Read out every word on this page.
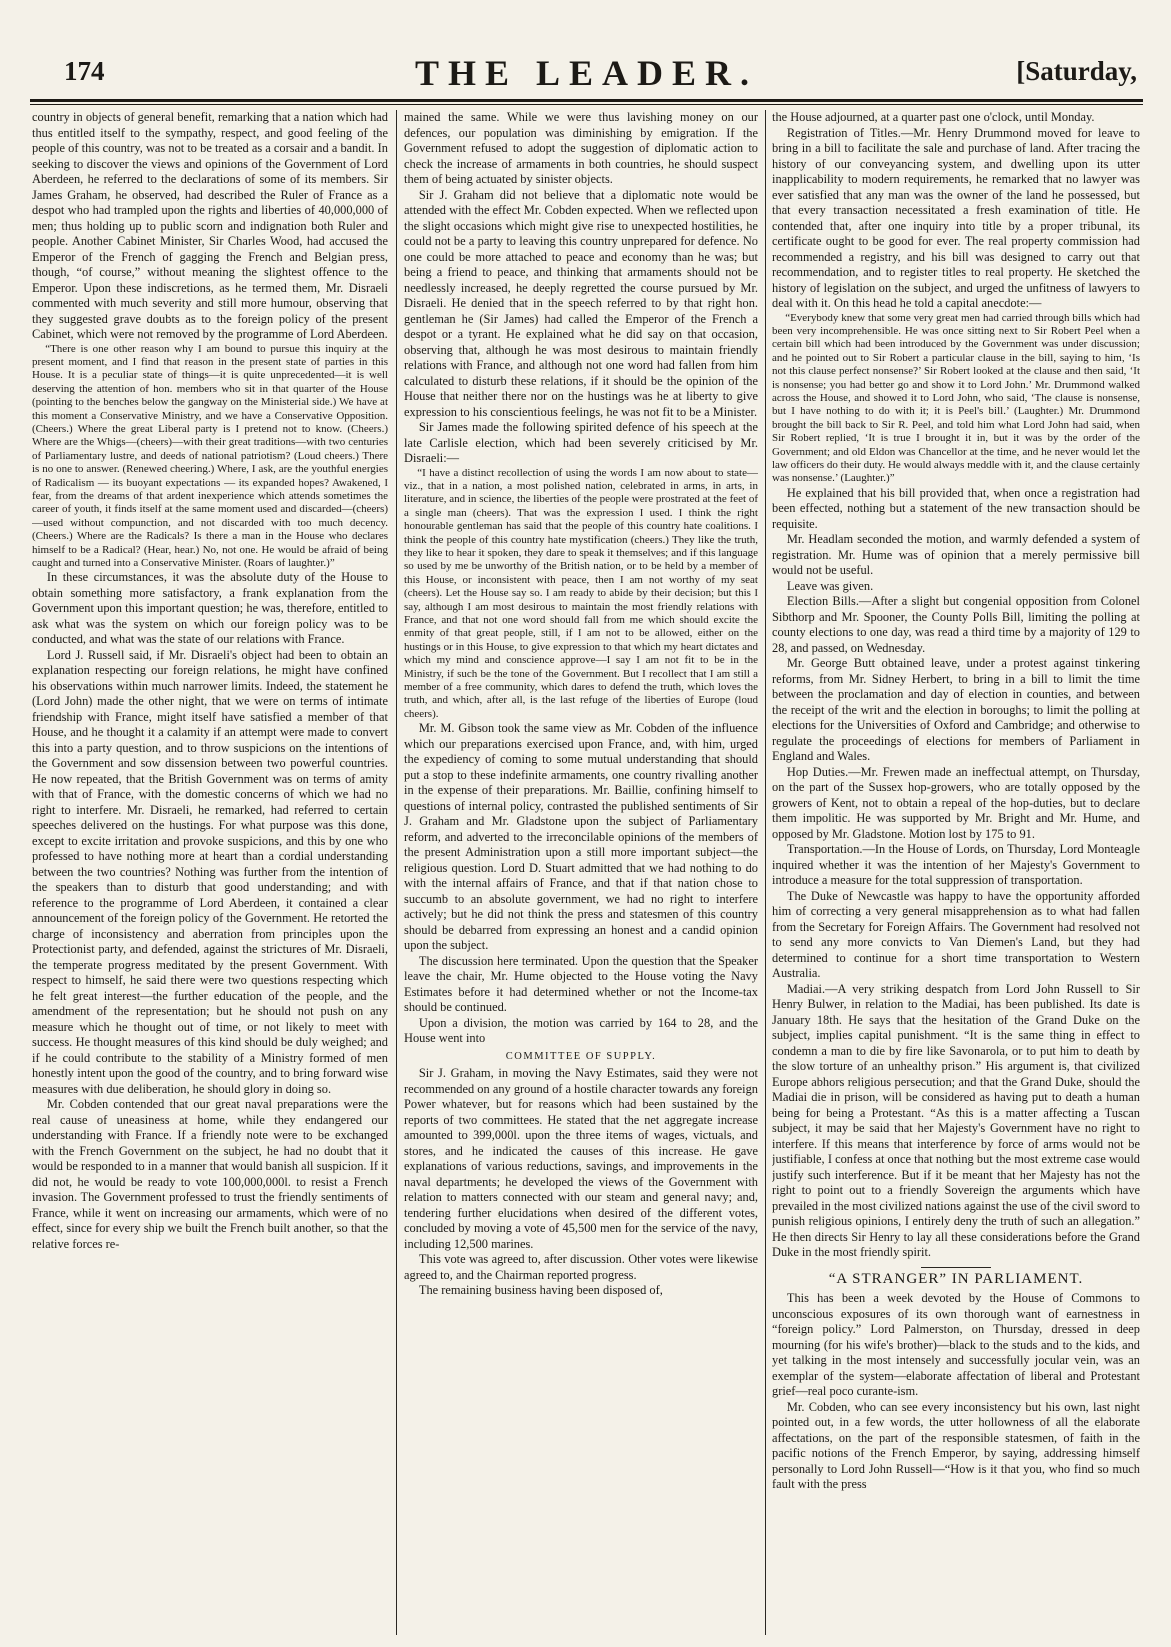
174	THE LEADER.	[Saturday,

country in objects of general benefit, remarking that a nation which had thus entitled itself to the sympathy, respect, and good feeling of the people of this country, was not to be treated as a corsair and a bandit. In seeking to discover the views and opinions of the Government of Lord Aberdeen, he referred to the declarations of some of its members. Sir James Graham, he observed, had described the Ruler of France as a despot who had trampled upon the rights and liberties of 40,000,000 of men; thus holding up to public scorn and indignation both Ruler and people. Another Cabinet Minister, Sir Charles Wood, had accused the Emperor of the French of gagging the French and Belgian press, though, “of course,” without meaning the slightest offence to the Emperor. Upon these indiscretions, as he termed them, Mr. Disraeli commented with much severity and still more humour, observing that they suggested grave doubts as to the foreign policy of the present Cabinet, which were not removed by the programme of Lord Aberdeen.

“There is one other reason why I am bound to pursue this inquiry at the present moment, and I find that reason in the present state of parties in this House. It is a peculiar state of things—it is quite unprecedented—it is well deserving the attention of hon. members who sit in that quarter of the House (pointing to the benches below the gangway on the Ministerial side.) We have at this moment a Conservative Ministry, and we have a Conservative Opposition. (Cheers.) Where the great Liberal party is I pretend not to know. (Cheers.) Where are the Whigs—(cheers)—with their great traditions—with two centuries of Parliamentary lustre, and deeds of national patriotism? (Loud cheers.) There is no one to answer. (Renewed cheering.) Where, I ask, are the youthful energies of Radicalism — its buoyant expectations — its expanded hopes? Awakened, I fear, from the dreams of that ardent inexperience which attends sometimes the career of youth, it finds itself at the same moment used and discarded—(cheers)—used without compunction, and not discarded with too much decency. (Cheers.) Where are the Radicals? Is there a man in the House who declares himself to be a Radical? (Hear, hear.) No, not one. He would be afraid of being caught and turned into a Conservative Minister. (Roars of laughter.)”

In these circumstances, it was the absolute duty of the House to obtain something more satisfactory, a frank explanation from the Government upon this important question; he was, therefore, entitled to ask what was the system on which our foreign policy was to be conducted, and what was the state of our relations with France.

Lord J. Russell said, if Mr. Disraeli's object had been to obtain an explanation respecting our foreign relations, he might have confined his observations within much narrower limits. Indeed, the statement he (Lord John) made the other night, that we were on terms of intimate friendship with France, might itself have satisfied a member of that House, and he thought it a calamity if an attempt were made to convert this into a party question, and to throw suspicions on the intentions of the Government and sow dissension between two powerful countries. He now repeated, that the British Government was on terms of amity with that of France, with the domestic concerns of which we had no right to interfere. Mr. Disraeli, he remarked, had referred to certain speeches delivered on the hustings. For what purpose was this done, except to excite irritation and provoke suspicions, and this by one who professed to have nothing more at heart than a cordial understanding between the two countries? Nothing was further from the intention of the speakers than to disturb that good understanding; and with reference to the programme of Lord Aberdeen, it contained a clear announcement of the foreign policy of the Government. He retorted the charge of inconsistency and aberration from principles upon the Protectionist party, and defended, against the strictures of Mr. Disraeli, the temperate progress meditated by the present Government. With respect to himself, he said there were two questions respecting which he felt great interest—the further education of the people, and the amendment of the representation; but he should not push on any measure which he thought out of time, or not likely to meet with success. He thought measures of this kind should be duly weighed; and if he could contribute to the stability of a Ministry formed of men honestly intent upon the good of the country, and to bring forward wise measures with due deliberation, he should glory in doing so.

Mr. Cobden contended that our great naval preparations were the real cause of uneasiness at home, while they endangered our understanding with France. If a friendly note were to be exchanged with the French Government on the subject, he had no doubt that it would be responded to in a manner that would banish all suspicion. If it did not, he would be ready to vote 100,000,000l. to resist a French invasion. The Government professed to trust the friendly sentiments of France, while it went on increasing our armaments, which were of no effect, since for every ship we built the French built another, so that the relative forces re-

mained the same. While we were thus lavishing money on our defences, our population was diminishing by emigration. If the Government refused to adopt the suggestion of diplomatic action to check the increase of armaments in both countries, he should suspect them of being actuated by sinister objects.

Sir J. Graham did not believe that a diplomatic note would be attended with the effect Mr. Cobden expected. When we reflected upon the slight occasions which might give rise to unexpected hostilities, he could not be a party to leaving this country unprepared for defence. No one could be more attached to peace and economy than he was; but being a friend to peace, and thinking that armaments should not be needlessly increased, he deeply regretted the course pursued by Mr. Disraeli. He denied that in the speech referred to by that right hon. gentleman he (Sir James) had called the Emperor of the French a despot or a tyrant. He explained what he did say on that occasion, observing that, although he was most desirous to maintain friendly relations with France, and although not one word had fallen from him calculated to disturb these relations, if it should be the opinion of the House that neither there nor on the hustings was he at liberty to give expression to his conscientious feelings, he was not fit to be a Minister.

Sir James made the following spirited defence of his speech at the late Carlisle election, which had been severely criticised by Mr. Disraeli:—

“I have a distinct recollection of using the words I am now about to state—viz., that in a nation, a most polished nation, celebrated in arms, in arts, in literature, and in science, the liberties of the people were prostrated at the feet of a single man (cheers). That was the expression I used. I think the right honourable gentleman has said that the people of this country hate coalitions. I think the people of this country hate mystification (cheers.) They like the truth, they like to hear it spoken, they dare to speak it themselves; and if this language so used by me be unworthy of the British nation, or to be held by a member of this House, or inconsistent with peace, then I am not worthy of my seat (cheers). Let the House say so. I am ready to abide by their decision; but this I say, although I am most desirous to maintain the most friendly relations with France, and that not one word should fall from me which should excite the enmity of that great people, still, if I am not to be allowed, either on the hustings or in this House, to give expression to that which my heart dictates and which my mind and conscience approve—I say I am not fit to be in the Ministry, if such be the tone of the Government. But I recollect that I am still a member of a free community, which dares to defend the truth, which loves the truth, and which, after all, is the last refuge of the liberties of Europe (loud cheers).

Mr. M. Gibson took the same view as Mr. Cobden of the influence which our preparations exercised upon France, and, with him, urged the expediency of coming to some mutual understanding that should put a stop to these indefinite armaments, one country rivalling another in the expense of their preparations. Mr. Baillie, confining himself to questions of internal policy, contrasted the published sentiments of Sir J. Graham and Mr. Gladstone upon the subject of Parliamentary reform, and adverted to the irreconcilable opinions of the members of the present Administration upon a still more important subject—the religious question. Lord D. Stuart admitted that we had nothing to do with the internal affairs of France, and that if that nation chose to succumb to an absolute government, we had no right to interfere actively; but he did not think the press and statesmen of this country should be debarred from expressing an honest and a candid opinion upon the subject.

The discussion here terminated. Upon the question that the Speaker leave the chair, Mr. Hume objected to the House voting the Navy Estimates before it had determined whether or not the Income-tax should be continued.

Upon a division, the motion was carried by 164 to 28, and the House went into

COMMITTEE OF SUPPLY.

Sir J. Graham, in moving the Navy Estimates, said they were not recommended on any ground of a hostile character towards any foreign Power whatever, but for reasons which had been sustained by the reports of two committees. He stated that the net aggregate increase amounted to 399,000l. upon the three items of wages, victuals, and stores, and he indicated the causes of this increase. He gave explanations of various reductions, savings, and improvements in the naval departments; he developed the views of the Government with relation to matters connected with our steam and general navy; and, tendering further elucidations when desired of the different votes, concluded by moving a vote of 45,500 men for the service of the navy, including 12,500 marines.

This vote was agreed to, after discussion. Other votes were likewise agreed to, and the Chairman reported progress.

The remaining business having been disposed of,

the House adjourned, at a quarter past one o'clock, until Monday.

Registration of Titles.—Mr. Henry Drummond moved for leave to bring in a bill to facilitate the sale and purchase of land. After tracing the history of our conveyancing system, and dwelling upon its utter inapplicability to modern requirements, he remarked that no lawyer was ever satisfied that any man was the owner of the land he possessed, but that every transaction necessitated a fresh examination of title. He contended that, after one inquiry into title by a proper tribunal, its certificate ought to be good for ever. The real property commission had recommended a registry, and his bill was designed to carry out that recommendation, and to register titles to real property. He sketched the history of legislation on the subject, and urged the unfitness of lawyers to deal with it. On this head he told a capital anecdote:—

“Everybody knew that some very great men had carried through bills which had been very incomprehensible. He was once sitting next to Sir Robert Peel when a certain bill which had been introduced by the Government was under discussion; and he pointed out to Sir Robert a particular clause in the bill, saying to him, ‘Is not this clause perfect nonsense?’ Sir Robert looked at the clause and then said, ‘It is nonsense; you had better go and show it to Lord John.’ Mr. Drummond walked across the House, and showed it to Lord John, who said, ‘The clause is nonsense, but I have nothing to do with it; it is Peel's bill.’ (Laughter.) Mr. Drummond brought the bill back to Sir R. Peel, and told him what Lord John had said, when Sir Robert replied, ‘It is true I brought it in, but it was by the order of the Government; and old Eldon was Chancellor at the time, and he never would let the law officers do their duty. He would always meddle with it, and the clause certainly was nonsense.’ (Laughter.)”

He explained that his bill provided that, when once a registration had been effected, nothing but a statement of the new transaction should be requisite.

Mr. Headlam seconded the motion, and warmly defended a system of registration. Mr. Hume was of opinion that a merely permissive bill would not be useful.

Leave was given.

Election Bills.—After a slight but congenial opposition from Colonel Sibthorp and Mr. Spooner, the County Polls Bill, limiting the polling at county elections to one day, was read a third time by a majority of 129 to 28, and passed, on Wednesday.

Mr. George Butt obtained leave, under a protest against tinkering reforms, from Mr. Sidney Herbert, to bring in a bill to limit the time between the proclamation and day of election in counties, and between the receipt of the writ and the election in boroughs; to limit the polling at elections for the Universities of Oxford and Cambridge; and otherwise to regulate the proceedings of elections for members of Parliament in England and Wales.

Hop Duties.—Mr. Frewen made an ineffectual attempt, on Thursday, on the part of the Sussex hop-growers, who are totally opposed by the growers of Kent, not to obtain a repeal of the hop-duties, but to declare them impolitic. He was supported by Mr. Bright and Mr. Hume, and opposed by Mr. Gladstone. Motion lost by 175 to 91.

Transportation.—In the House of Lords, on Thursday, Lord Monteagle inquired whether it was the intention of her Majesty's Government to introduce a measure for the total suppression of transportation.

The Duke of Newcastle was happy to have the opportunity afforded him of correcting a very general misapprehension as to what had fallen from the Secretary for Foreign Affairs. The Government had resolved not to send any more convicts to Van Diemen's Land, but they had determined to continue for a short time transportation to Western Australia.

Madiai.—A very striking despatch from Lord John Russell to Sir Henry Bulwer, in relation to the Madiai, has been published. Its date is January 18th. He says that the hesitation of the Grand Duke on the subject, implies capital punishment. “It is the same thing in effect to condemn a man to die by fire like Savonarola, or to put him to death by the slow torture of an unhealthy prison.” His argument is, that civilized Europe abhors religious persecution; and that the Grand Duke, should the Madiai die in prison, will be considered as having put to death a human being for being a Protestant. “As this is a matter affecting a Tuscan subject, it may be said that her Majesty's Government have no right to interfere. If this means that interference by force of arms would not be justifiable, I confess at once that nothing but the most extreme case would justify such interference. But if it be meant that her Majesty has not the right to point out to a friendly Sovereign the arguments which have prevailed in the most civilized nations against the use of the civil sword to punish religious opinions, I entirely deny the truth of such an allegation.” He then directs Sir Henry to lay all these considerations before the Grand Duke in the most friendly spirit.

“A STRANGER” IN PARLIAMENT.

This has been a week devoted by the House of Commons to unconscious exposures of its own thorough want of earnestness in “foreign policy.” Lord Palmerston, on Thursday, dressed in deep mourning (for his wife's brother)—black to the studs and to the kids, and yet talking in the most intensely and successfully jocular vein, was an exemplar of the system—elaborate affectation of liberal and Protestant grief—real poco curante-ism.

Mr. Cobden, who can see every inconsistency but his own, last night pointed out, in a few words, the utter hollowness of all the elaborate affectations, on the part of the responsible statesmen, of faith in the pacific notions of the French Emperor, by saying, addressing himself personally to Lord John Russell—“How is it that you, who find so much fault with the press
